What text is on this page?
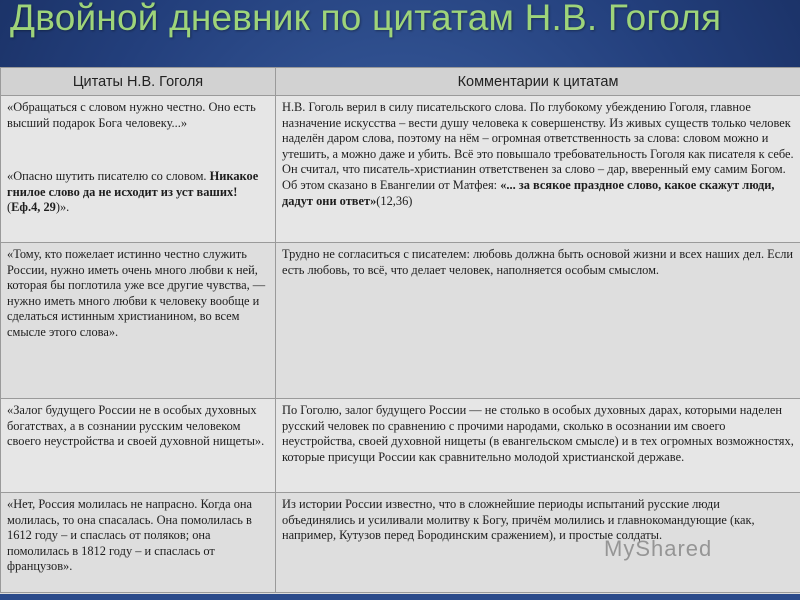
Двойной дневник по цитатам Н.В. Гоголя
Цитаты Н.В. Гоголя	Комментарии к цитатам
«Обращаться с словом нужно честно. Оно есть высший подарок Бога человеку...»
«Опасно шутить писателю со словом. Никакое гнилое слово да не исходит из уст ваших! (Еф.4, 29)».	Н.В. Гоголь верил в силу писательского слова. По глубокому убеждению Гоголя, главное назначение искусства – вести душу человека к совершенству. Из живых существ только человек наделён даром слова, поэтому на нём – огромная ответственность за слова: словом можно и утешить, а можно даже и убить. Всё это повышало требовательность Гоголя как писателя к себе. Он считал, что писатель-христианин ответственен за слово – дар, вверенный ему самим Богом. Об этом сказано в Евангелии от Матфея: «... за всякое праздное слово, какое скажут люди, дадут они ответ»(12,36)
«Тому, кто пожелает истинно честно служить России, нужно иметь очень много любви к ней, которая бы поглотила уже все другие чувства, — нужно иметь много любви к человеку вообще и сделаться истинным христианином, во всем смысле этого слова».	Трудно не согласиться с писателем: любовь должна быть основой жизни и всех наших дел. Если есть любовь, то всё, что делает человек, наполняется особым смыслом.
«Залог будущего России не в особых духовных богатствах, а в сознании русским человеком своего неустройства и своей духовной нищеты».	По Гоголю, залог будущего России — не столько в особых духовных дарах, которыми наделен русский человек по сравнению с прочими народами, сколько в осознании им своего неустройства, своей духовной нищеты (в евангельском смысле) и в тех огромных возможностях, которые присущи России как сравнительно молодой христианской державе.
«Нет, Россия молилась не напрасно. Когда она молилась, то она спасалась. Она помолилась в 1612 году – и спаслась от поляков; она помолилась в 1812 году – и спаслась от французов».	Из истории России известно, что в сложнейшие периоды испытаний русские люди объединялись и усиливали молитву к Богу, причём молились и главнокомандующие (как, например, Кутузов перед Бородинским сражением), и простые солдаты.
MyShared
